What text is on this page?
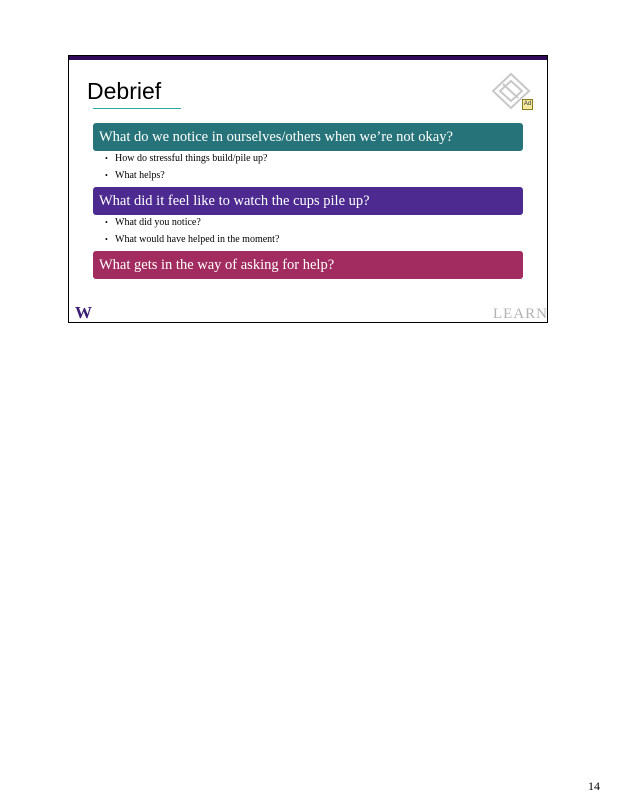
Debrief	Ad
What do we notice in ourselves/others when we’re not okay?
• How do stressful things build/pile up?
• What helps?
What did it feel like to watch the cups pile up?
• What did you notice?
• What would have helped in the moment?
What gets in the way of asking for help?
W	LEARN
14
